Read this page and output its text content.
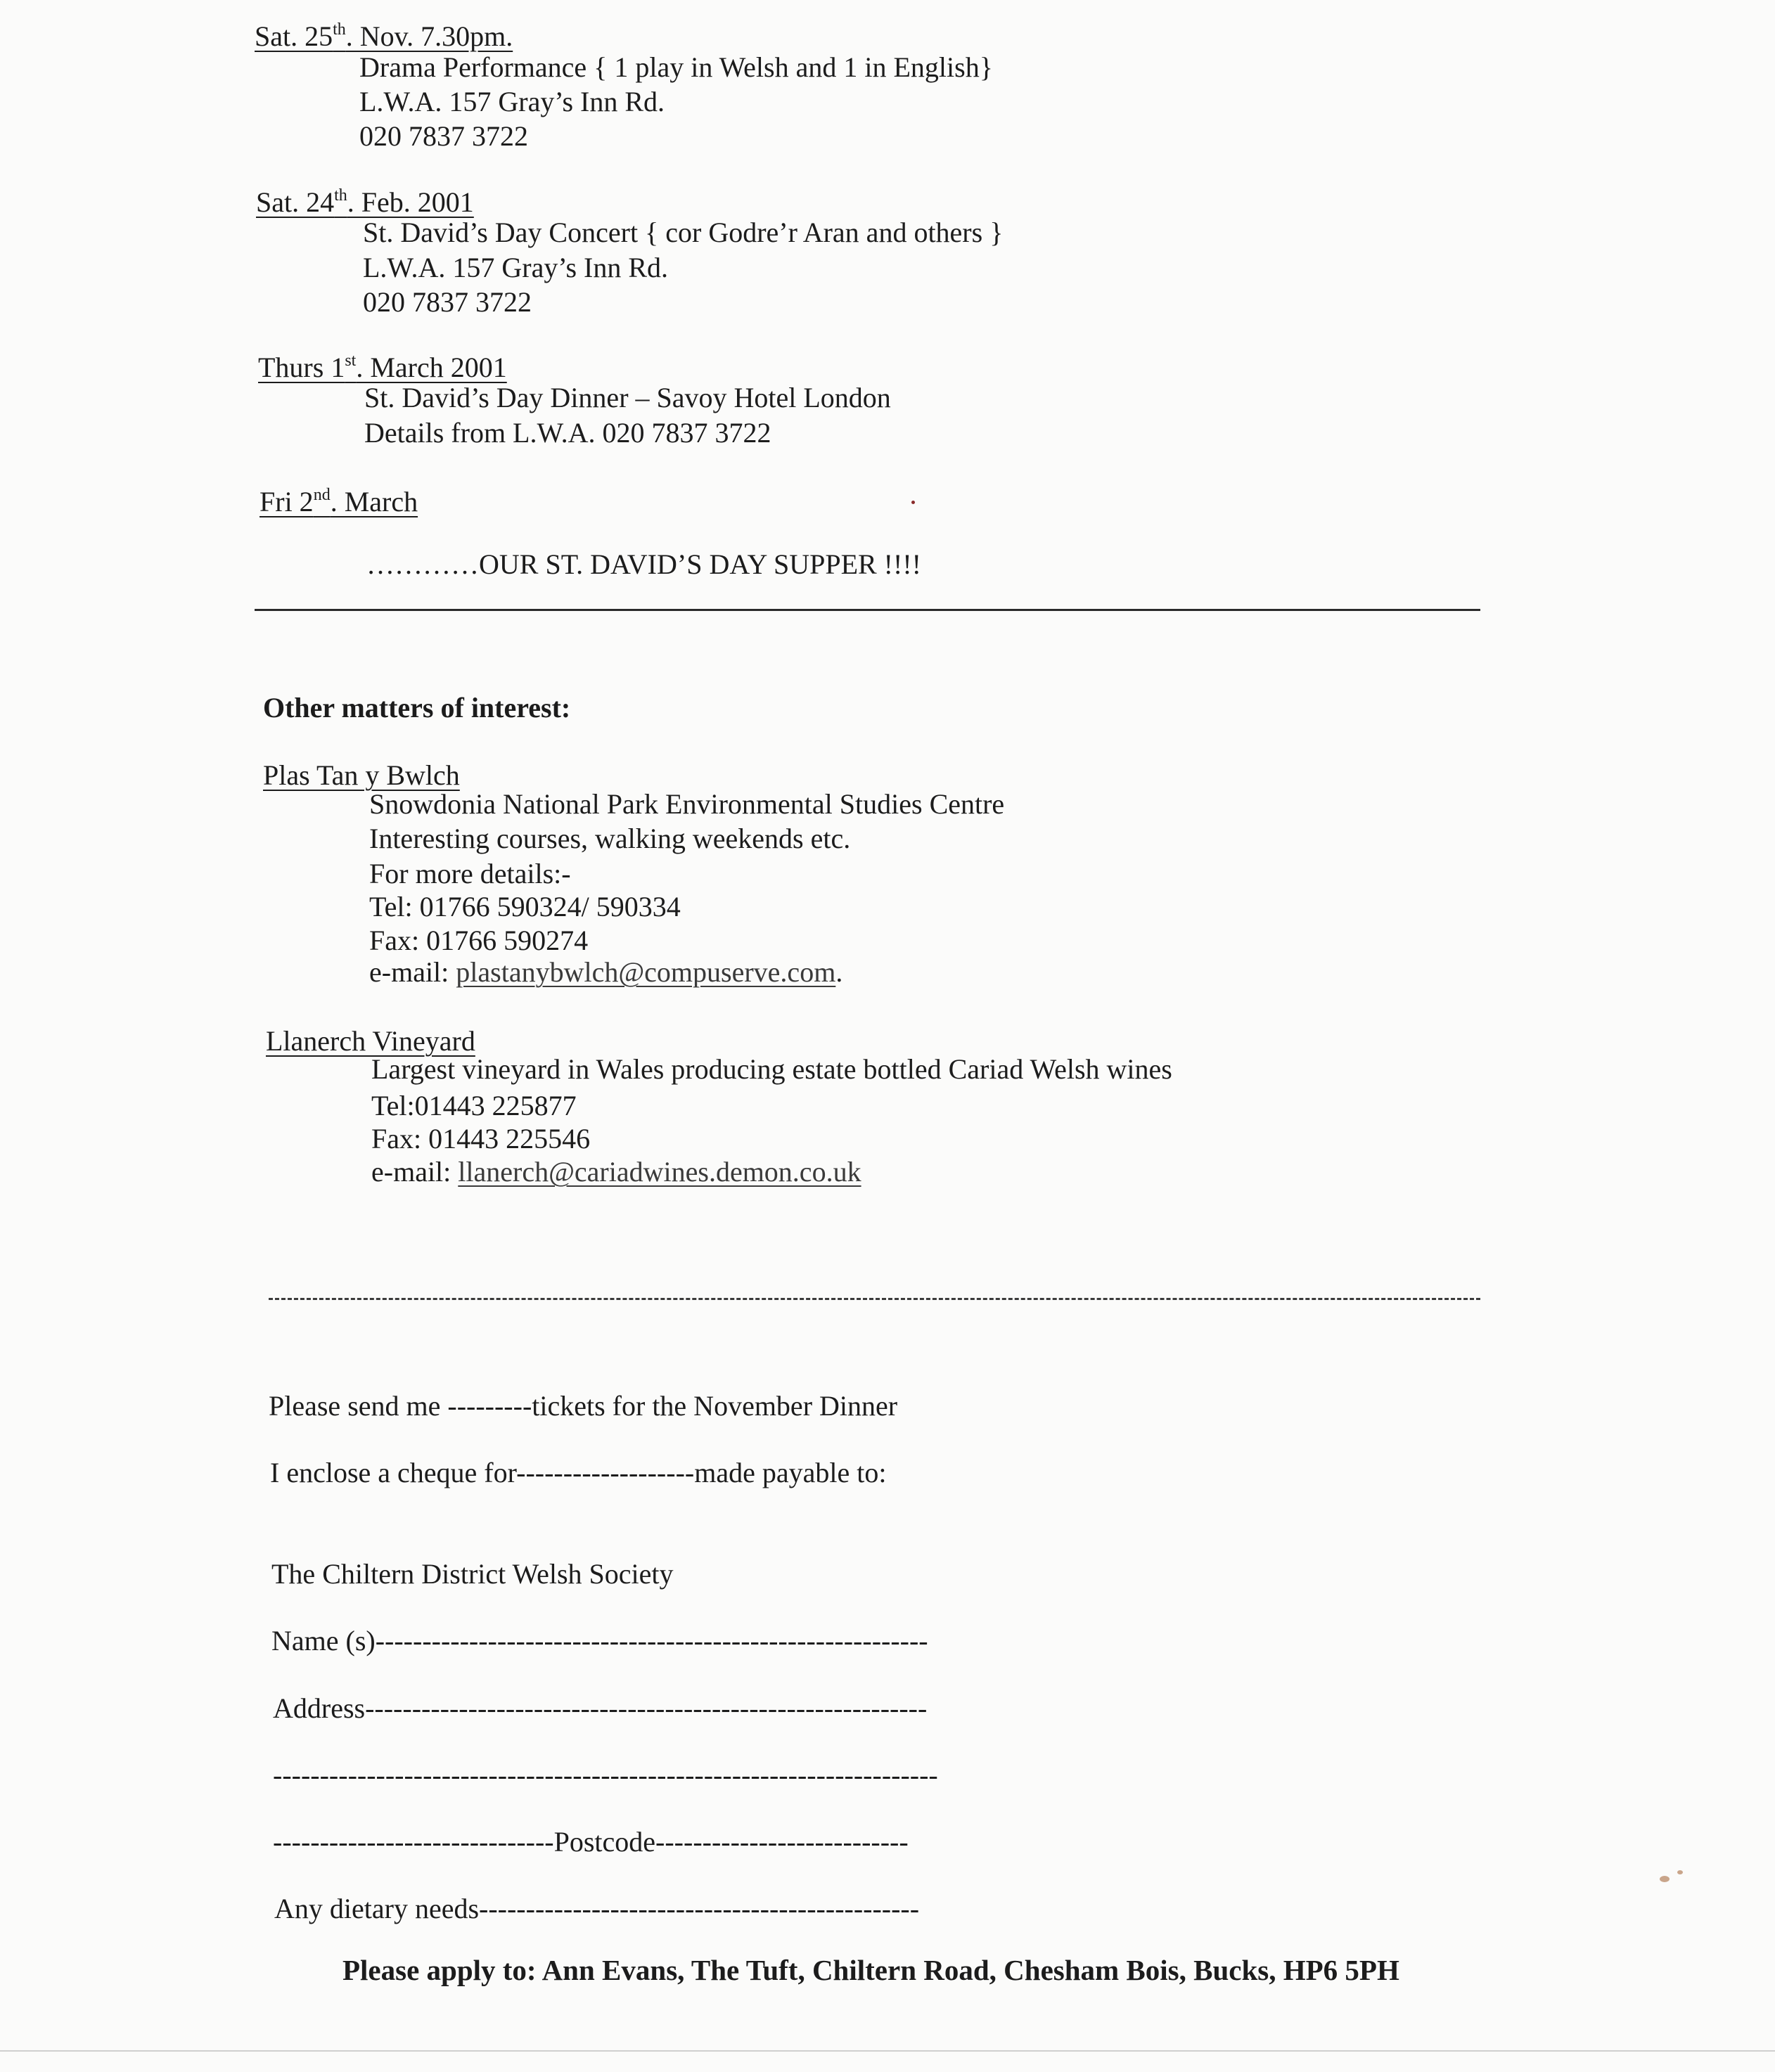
Sat. 25th. Nov. 7.30pm.
Drama Performance { 1 play in Welsh and 1 in English}
L.W.A. 157 Gray’s Inn Rd.
020 7837 3722
Sat. 24th. Feb. 2001
St. David’s Day Concert { cor Godre’r Aran and others }
L.W.A. 157 Gray’s Inn Rd.
020 7837 3722
Thurs 1st. March 2001
St. David’s Day Dinner – Savoy Hotel London
Details from L.W.A. 020 7837 3722
Fri 2nd. March
…………OUR ST. DAVID’S DAY SUPPER !!!!
Other matters of interest:
Plas Tan y Bwlch
Snowdonia National Park Environmental Studies Centre
Interesting courses, walking weekends etc.
For more details:-
Tel: 01766 590324/ 590334
Fax: 01766 590274
e-mail: plastanybwlch@compuserve.com.
Llanerch Vineyard
Largest vineyard in Wales producing estate bottled Cariad Welsh wines
Tel:01443 225877
Fax: 01443 225546
e-mail: llanerch@cariadwines.demon.co.uk
Please send me ---------tickets for the November Dinner
I enclose a cheque for-------------------made payable to:
The Chiltern District Welsh Society
Name (s)-----------------------------------------------------------
Address------------------------------------------------------------
-----------------------------------------------------------------------
------------------------------Postcode---------------------------
Any dietary needs-----------------------------------------------
Please apply to: Ann Evans, The Tuft, Chiltern Road, Chesham Bois, Bucks, HP6 5PH
